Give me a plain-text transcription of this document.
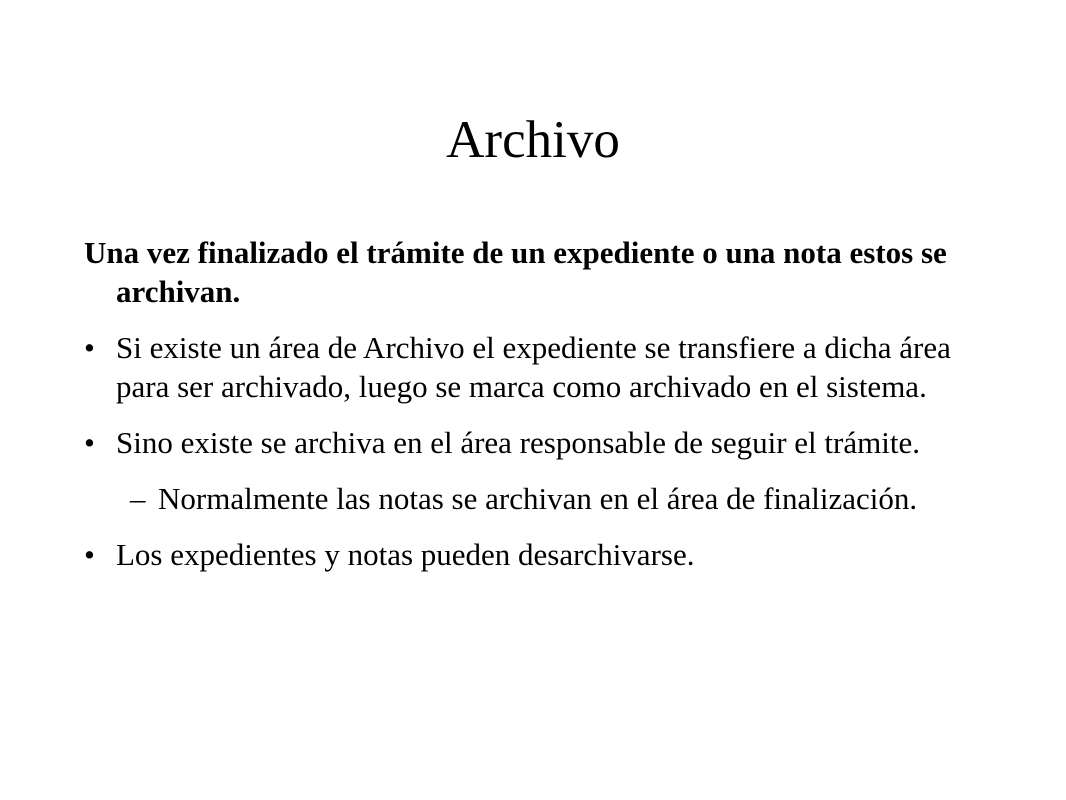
Archivo

Una vez finalizado el trámite de un expediente o una nota estos se archivan.

• Si existe un área de Archivo el expediente se transfiere a dicha área para ser archivado, luego se marca como archivado en el sistema.
• Sino existe se archiva en el área responsable de seguir el trámite.
– Normalmente las notas se archivan en el área de finalización.
• Los expedientes y notas pueden desarchivarse.
